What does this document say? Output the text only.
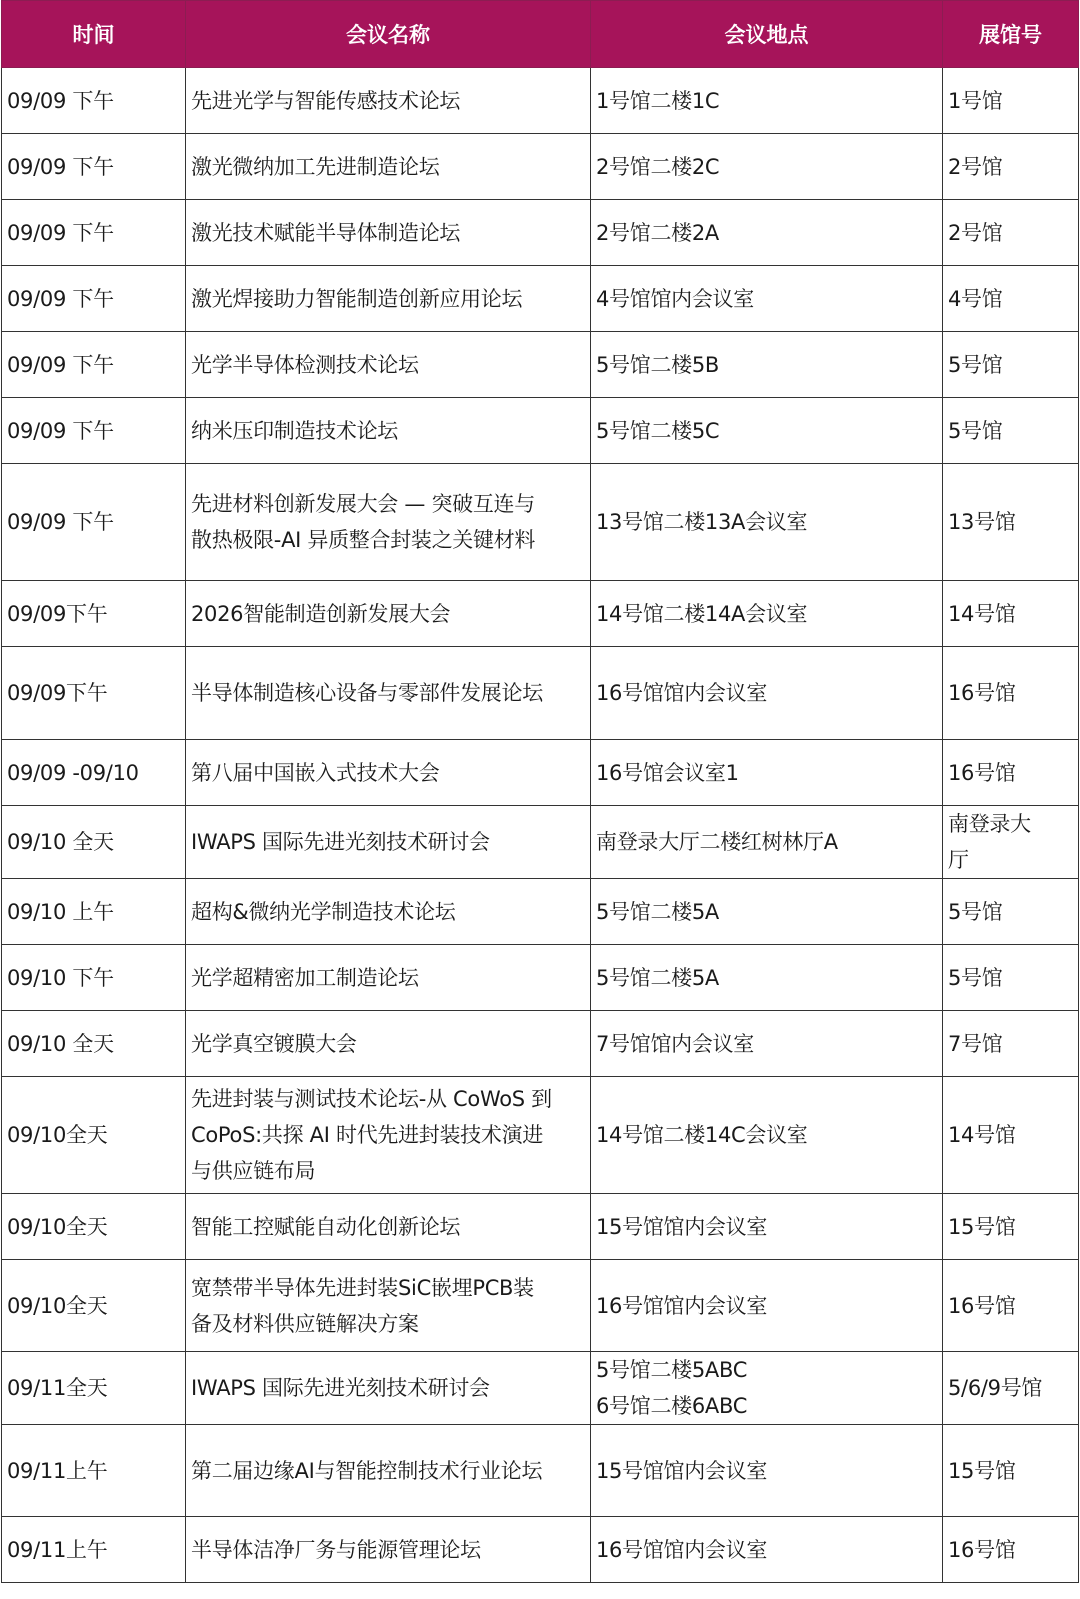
时间	会议名称	会议地点	展馆号
09/09 下午	先进光学与智能传感技术论坛	1号馆二楼1C	1号馆

09/09 下午	激光微纳加工先进制造论坛	2号馆二楼2C	2号馆

09/09 下午	激光技术赋能半导体制造论坛	2号馆二楼2A	2号馆

09/09 下午	激光焊接助力智能制造创新应用论坛	4号馆馆内会议室	4号馆

09/09 下午	光学半导体检测技术论坛	5号馆二楼5B	5号馆

09/09 下午	纳米压印制造技术论坛	5号馆二楼5C	5号馆

09/09 下午	先进材料创新发展大会 — 突破互连与
散热极限-AI 异质整合封装之关键材料	13号馆二楼13A会议室	13号馆

09/09下午	2026智能制造创新发展大会	14号馆二楼14A会议室	14号馆

09/09下午	半导体制造核心设备与零部件发展论坛	16号馆馆内会议室	16号馆

09/09 -09/10	第八届中国嵌入式技术大会	16号馆会议室1	16号馆

09/10 全天	IWAPS 国际先进光刻技术研讨会	南登录大厅二楼红树林厅A	南登录大
厅

09/10 上午	超构&微纳光学制造技术论坛	5号馆二楼5A	5号馆

09/10 下午	光学超精密加工制造论坛	5号馆二楼5A	5号馆

09/10 全天	光学真空镀膜大会	7号馆馆内会议室	7号馆

09/10全天	先进封装与测试技术论坛-从 CoWoS 到
CoPoS:共探 AI 时代先进封装技术演进
与供应链布局	14号馆二楼14C会议室	14号馆

09/10全天	智能工控赋能自动化创新论坛	15号馆馆内会议室	15号馆

09/10全天	宽禁带半导体先进封装SiC嵌埋PCB装
备及材料供应链解决方案	16号馆馆内会议室	16号馆

09/11全天	IWAPS 国际先进光刻技术研讨会	5号馆二楼5ABC
6号馆二楼6ABC	5/6/9号馆

09/11上午	第二届边缘AI与智能控制技术行业论坛	15号馆馆内会议室	15号馆

09/11上午	半导体洁净厂务与能源管理论坛	16号馆馆内会议室	16号馆
